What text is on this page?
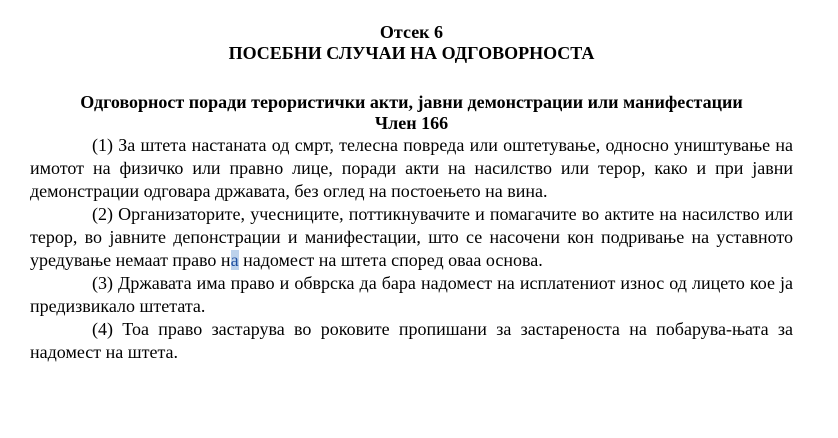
Отсек 6

ПОСЕБНИ СЛУЧАИ НА ОДГОВОРНОСТА

Одговорност поради терористички акти, јавни демонстрации или манифестации

Член 166

(1) За штета настаната од смрт, телесна повреда или оштетување, односно уништување на имотот на физичко или правно лице, поради акти на насилство или терор, како и при јавни демонстрации одговара државата, без оглед на постоењето на вина.

(2) Организаторите, учесниците, поттикнувачите и помагачите во актите на насилство или терор, во јавните депонстрации и манифестации, што се насочени кон подривање на уставното уредување немаат право на надомест на штета според оваа основа.

(3) Државата има право и обврска да бара надомест на исплатениот износ од лицето кое ја предизвикало штетата.

(4) Тоа право застарува во роковите пропишани за застареноста на побарува-њата за надомест на штета.
